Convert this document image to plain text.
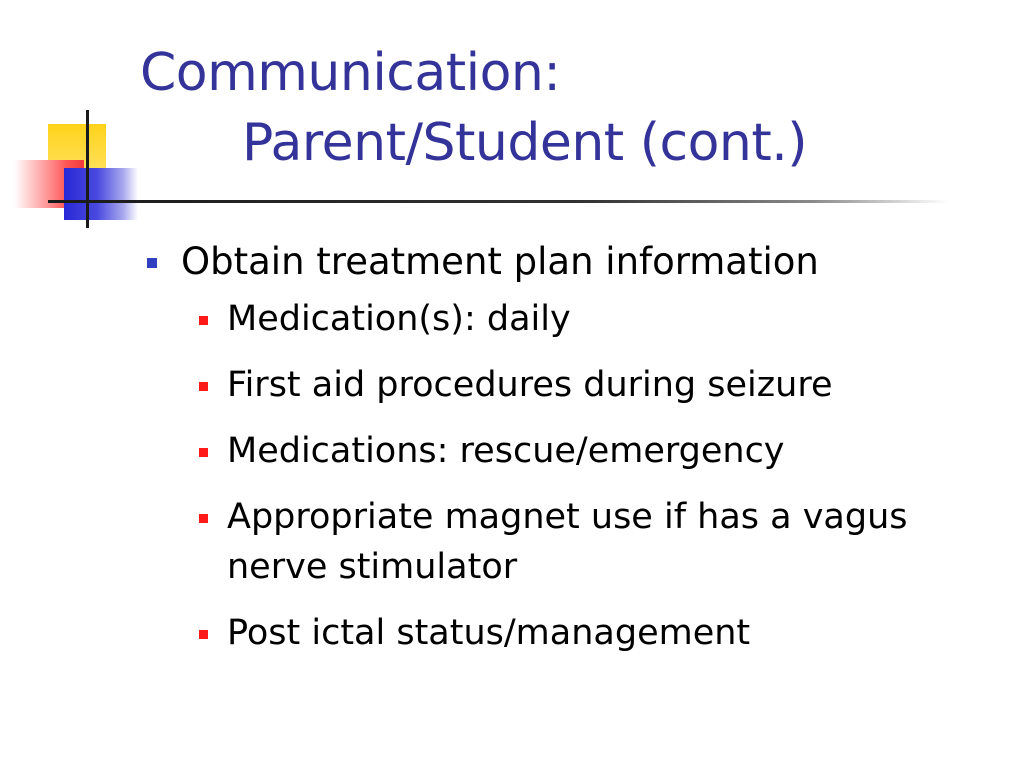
Communication:

Parent/Student (cont.)
Obtain treatment plan information
Medication(s): daily
First aid procedures during seizure
Medications: rescue/emergency
Appropriate magnet use if has a vagus nerve stimulator
Post ictal status/management
